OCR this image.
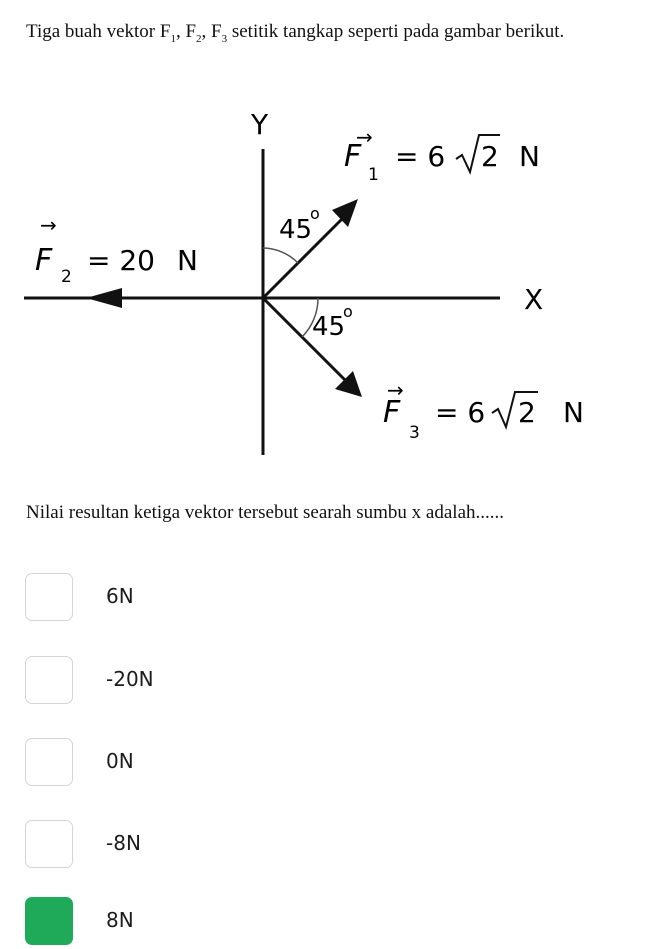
Tiga buah vektor $F_1$, $F_2$, $F_3$ setitik tangkap seperti pada gambar berikut.
Y
X
45
o
45
o
→
F
1
= 6 2 N
→
F 2 = 20 N
→
F
3
= 6 2 N
Nilai resultan ketiga vektor tersebut searah sumbu x adalah......
6N
-20N
0N
-8N
8N
